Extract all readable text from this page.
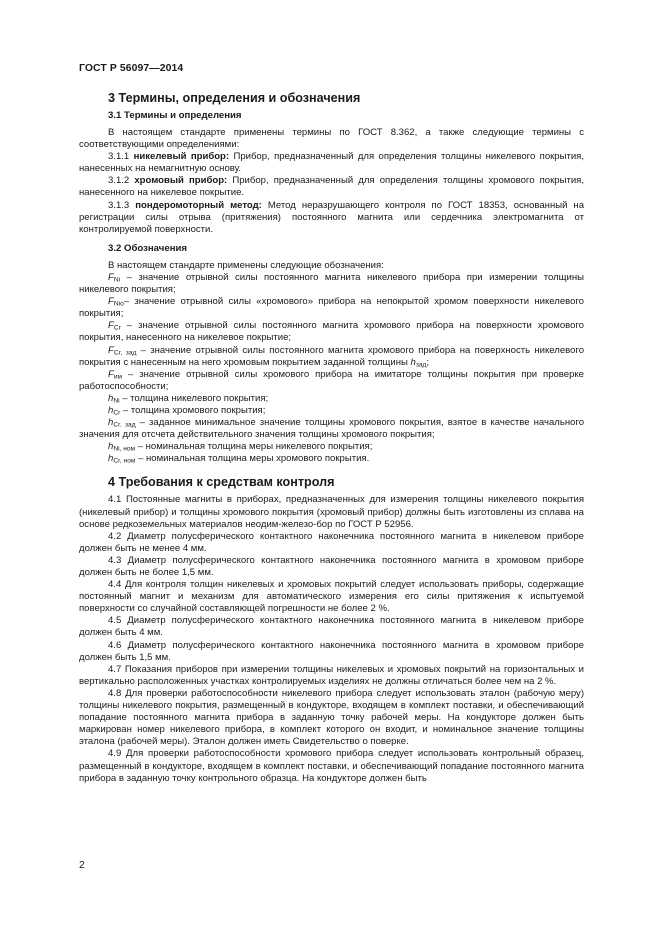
ГОСТ Р 56097—2014
3 Термины, определения и обозначения
3.1 Термины и определения

В настоящем стандарте применены термины по ГОСТ 8.362, а также следующие термины с соответствующими определениями:

3.1.1 никелевый прибор: Прибор, предназначенный для определения толщины никелевого покрытия, нанесенных на немагнитную основу.

3.1.2 хромовый прибор: Прибор, предназначенный для определения толщины хромового покрытия, нанесенного на никелевое покрытие.

3.1.3 пондеромоторный метод: Метод неразрушающего контроля по ГОСТ 18353, основанный на регистрации силы отрыва (притяжения) постоянного магнита или сердечника электромагнита от контролируемой поверхности.

3.2 Обозначения

В настоящем стандарте применены следующие обозначения:

$F_{Ni}$ – значение отрывной силы постоянного магнита никелевого прибора при измерении толщины никелевого покрытия;

$F_{Nio}-$ значение отрывной силы «хромового» прибора на непокрытой хромом поверхности никелевого покрытия;

$F_{Cr}$ – значение отрывной силы постоянного магнита хромового прибора на поверхности хромового покрытия, нанесенного на никелевое покрытие;

$F_{Cr, зад}$ – значение отрывной силы постоянного магнита хромового прибора на поверхность никелевого покрытия с нанесенным на него хромовым покрытием заданной толщины $h_{зад}$;

$F_{им}$ – значение отрывной силы хромового прибора на имитаторе толщины покрытия при проверке работоспособности;

$h_{Ni}$ – толщина никелевого покрытия;

$h_{Cr}$ – толщина хромового покрытия;

$h_{Cr. зад}$ – заданное минимальное значение толщины хромового покрытия, взятое в качестве начального значения для отсчета действительного значения толщины хромового покрытия;

$h_{Ni, ном}$ – номинальная толщина меры никелевого покрытия;

$h_{Cr, ном}$ – номинальная толщина меры хромового покрытия.

4 Требования к средствам контроля

4.1 Постоянные магниты в приборах, предназначенных для измерения толщины никелевого покрытия (никелевый прибор) и толщины хромового покрытия (хромовый прибор) должны быть изготовлены из сплава на основе редкоземельных материалов неодим-железо-бор по ГОСТ Р 52956.

4.2 Диаметр полусферического контактного наконечника постоянного магнита в никелевом приборе должен быть не менее 4 мм.

4.3 Диаметр полусферического контактного наконечника постоянного магнита в хромовом приборе должен быть не более 1,5 мм.

4.4 Для контроля толщин никелевых и хромовых покрытий следует использовать приборы, содержащие постоянный магнит и механизм для автоматического измерения его силы притяжения к испытуемой поверхности со случайной составляющей погрешности не более 2 %.

4.5 Диаметр полусферического контактного наконечника постоянного магнита в никелевом приборе должен быть 4 мм.

4.6 Диаметр полусферического контактного наконечника постоянного магнита в хромовом приборе должен быть 1,5 мм.

4.7 Показания приборов при измерении толщины никелевых и хромовых покрытий на горизонтальных и вертикально расположенных участках контролируемых изделиях не должны отличаться более чем на 2 %.

4.8 Для проверки работоспособности никелевого прибора следует использовать эталон (рабочую меру) толщины никелевого покрытия, размещенный в кондукторе, входящем в комплект поставки, и обеспечивающий попадание постоянного магнита прибора в заданную точку рабочей меры. На кондукторе должен быть маркирован номер никелевого прибора, в комплект которого он входит, и номинальное значение толщины эталона (рабочей меры). Эталон должен иметь Свидетельство о поверке.

4.9 Для проверки работоспособности хромового прибора следует использовать контрольный образец, размещенный в кондукторе, входящем в комплект поставки, и обеспечивающий попадание постоянного магнита прибора в заданную точку контрольного образца. На кондукторе должен быть

2
